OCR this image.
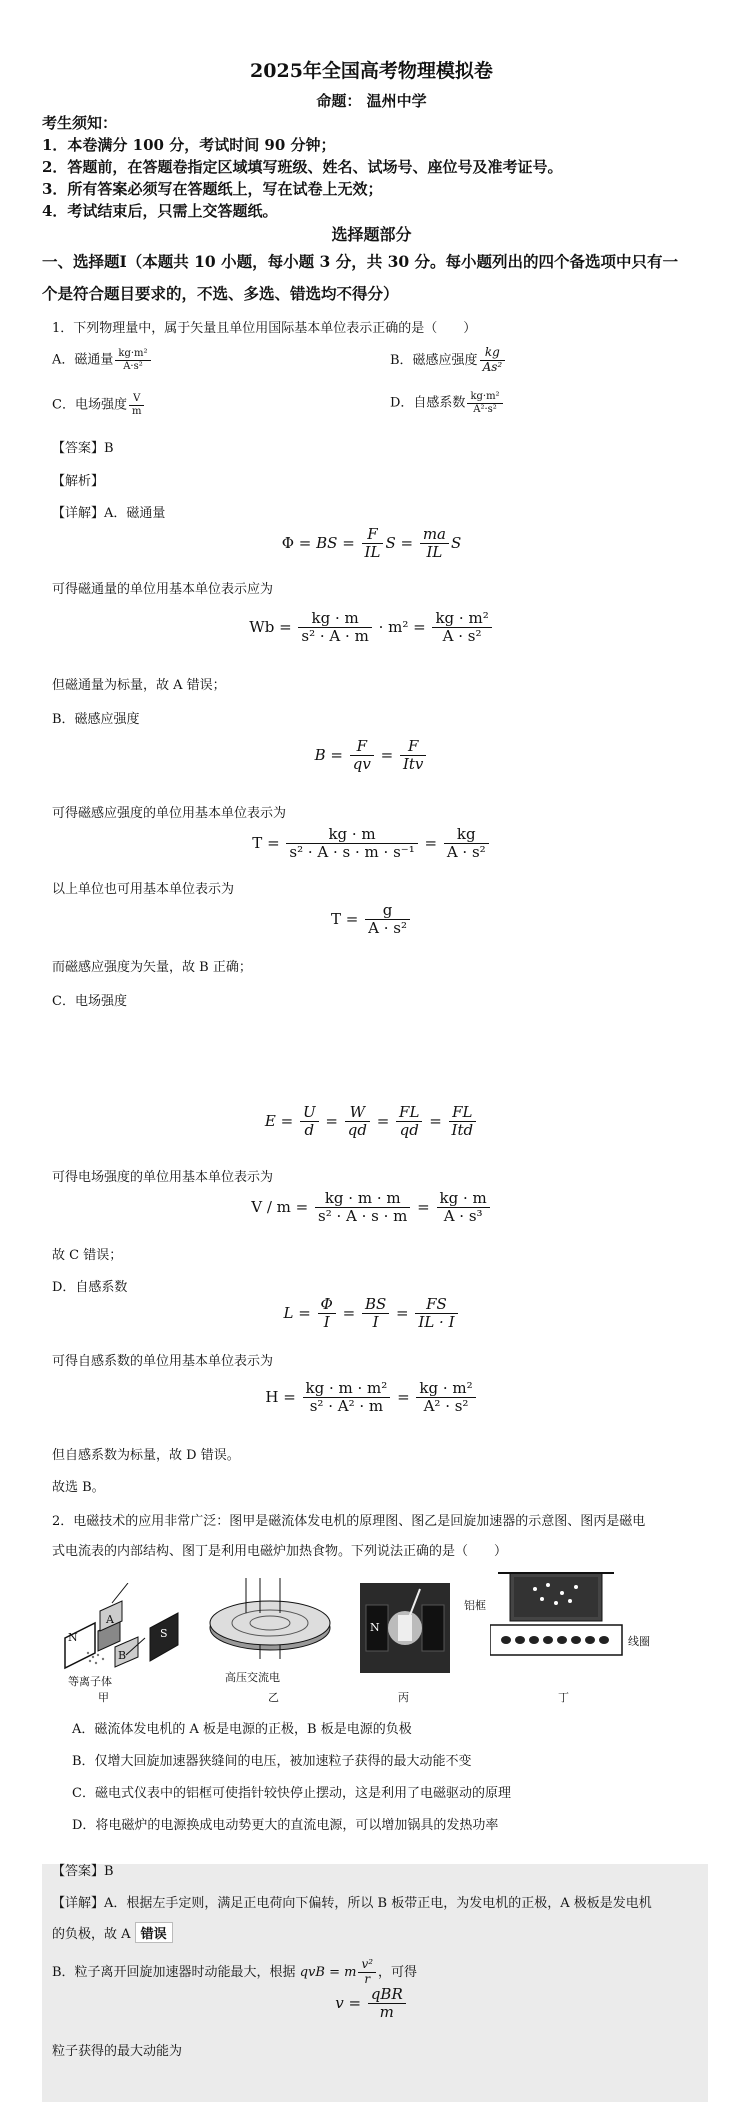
2025年全国高考物理模拟卷
命题： 温州中学
考生须知：
1．本卷满分 100 分，考试时间 90 分钟；
2．答题前，在答题卷指定区域填写班级、姓名、试场号、座位号及准考证号。
3．所有答案必须写在答题纸上，写在试卷上无效；
4．考试结束后，只需上交答题纸。
选择题部分
一、选择题Ⅰ（本题共 10 小题，每小题 3 分，共 30 分。每小题列出的四个备选项中只有一
个是符合题目要求的，不选、多选、错选均不得分）
1．下列物理量中，属于矢量且单位用国际基本单位表示正确的是（　　）
A．磁通量 $\frac{\text{kg·m²}}{\text{A·s²}}$	B．磁感应强度 $\frac{kg}{\text{As²}}$
C．电场强度 $\frac{V}{m}$	D．自感系数 $\frac{\text{kg·m²}}{\text{A²·s²}}$
【答案】B
【解析】
【详解】A．磁通量
Φ = BS = $\frac{F}{IL}$ $S = \frac{ma}{IL}$ S
可得磁通量的单位用基本单位表示应为
$Wb = \frac{kg \cdot m}{\text{s² · A · m}} \cdot m^2 = \frac{\text{kg · m²}}{\text{A · s²}}$
但磁通量为标量，故 A 错误；
B．磁感应强度
$B = \frac{F}{qv} = \frac{F}{\text{Itv}}$
可得磁感应强度的单位用基本单位表示为
$T = \frac{kg \cdot m}{\text{s² · A · s · m · s⁻¹}} = \frac{kg}{\text{A · s²}}$
以上单位也可用基本单位表示为
$T = \frac{g}{\text{A · s²}}$
而磁感应强度为矢量，故 B 正确；
C．电场强度
$E = \frac{U}{d} = \frac{W}{qd} = \frac{FL}{qd} = \frac{FL}{\text{Itd}}$
可得电场强度的单位用基本单位表示为
$V / m = \frac{kg \cdot m \cdot m}{\text{s² · A · s · m}} = \frac{kg \cdot m}{\text{A · s³}}$
故 C 错误；
D．自感系数
$L = \frac{\Phi}{I} = \frac{BS}{I} = \frac{FS}{IL \cdot I}$
可得自感系数的单位用基本单位表示为
$H = \frac{\text{kg · m · m²}}{\text{s² · A² · m}} = \frac{\text{kg · m²}}{\text{A² · s²}}$
但自感系数为标量，故 D 错误。
故选 B。
2．电磁技术的应用非常广泛：图甲是磁流体发电机的原理图、图乙是回旋加速器的示意图、图丙是磁电
式电流表的内部结构、图丁是利用电磁炉加热食物。下列说法正确的是（　　）
A
B
N	S
等离子体
甲
高压交流电
乙
N
铝框
丙
线圈
丁
A．磁流体发电机的 A 板是电源的正极，B 板是电源的负极
B．仅增大回旋加速器狭缝间的电压，被加速粒子获得的最大动能不变
C．磁电式仪表中的铝框可使指针较快停止摆动，这是利用了电磁驱动的原理
D．将电磁炉的电源换成电动势更大的直流电源，可以增加锅具的发热功率
【答案】B
【详解】A．根据左手定则，满足正电荷向下偏转，所以 B 板带正电，为发电机的正极，A 极板是发电机
的负极，故 A 错误
B．粒子离开回旋加速器时动能最大，根据 qvB = m $\frac{\text{v²}}{r}$ ，可得
$v = \frac{\text{qBR}}{m}$
粒子获得的最大动能为
